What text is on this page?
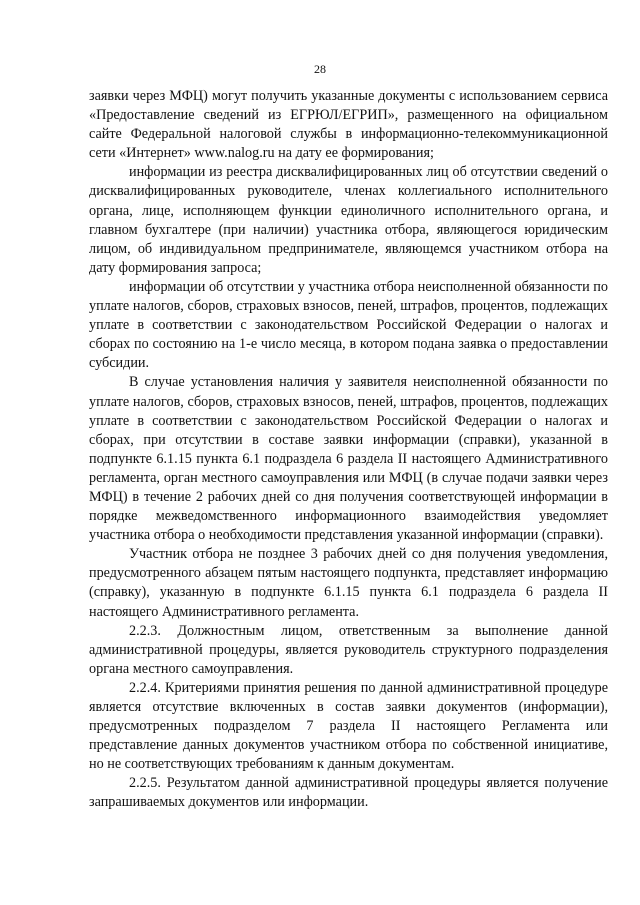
28

заявки через МФЦ) могут получить указанные документы с использованием сервиса «Предоставление сведений из ЕГРЮЛ/ЕГРИП», размещенного на официальном сайте Федеральной налоговой службы в информационно-телекоммуникационной сети «Интернет» www.nalog.ru на дату ее формирования;

информации из реестра дисквалифицированных лиц об отсутствии сведений о дисквалифицированных руководителе, членах коллегиального исполнительного органа, лице, исполняющем функции единоличного исполнительного органа, и главном бухгалтере (при наличии) участника отбора, являющегося юридическим лицом, об индивидуальном предпринимателе, являющемся участником отбора на дату формирования запроса;

информации об отсутствии у участника отбора неисполненной обязанности по уплате налогов, сборов, страховых взносов, пеней, штрафов, процентов, подлежащих уплате в соответствии с законодательством Российской Федерации о налогах и сборах по состоянию на 1-е число месяца, в котором подана заявка о предоставлении субсидии.

В случае установления наличия у заявителя неисполненной обязанности по уплате налогов, сборов, страховых взносов, пеней, штрафов, процентов, подлежащих уплате в соответствии с законодательством Российской Федерации о налогах и сборах, при отсутствии в составе заявки информации (справки), указанной в подпункте 6.1.15 пункта 6.1 подраздела 6 раздела II настоящего Административного регламента, орган местного самоуправления или МФЦ (в случае подачи заявки через МФЦ) в течение 2 рабочих дней со дня получения соответствующей информации в порядке межведомственного информационного взаимодействия уведомляет участника отбора о необходимости представления указанной информации (справки).

Участник отбора не позднее 3 рабочих дней со дня получения уведомления, предусмотренного абзацем пятым настоящего подпункта, представляет информацию (справку), указанную в подпункте 6.1.15 пункта 6.1 подраздела 6 раздела II настоящего Административного регламента.

2.2.3. Должностным лицом, ответственным за выполнение данной административной процедуры, является руководитель структурного подразделения органа местного самоуправления.

2.2.4. Критериями принятия решения по данной административной процедуре является отсутствие включенных в состав заявки документов (информации), предусмотренных подразделом 7 раздела II настоящего Регламента или представление данных документов участником отбора по собственной инициативе, но не соответствующих требованиям к данным документам.

2.2.5. Результатом данной административной процедуры является получение запрашиваемых документов или информации.
